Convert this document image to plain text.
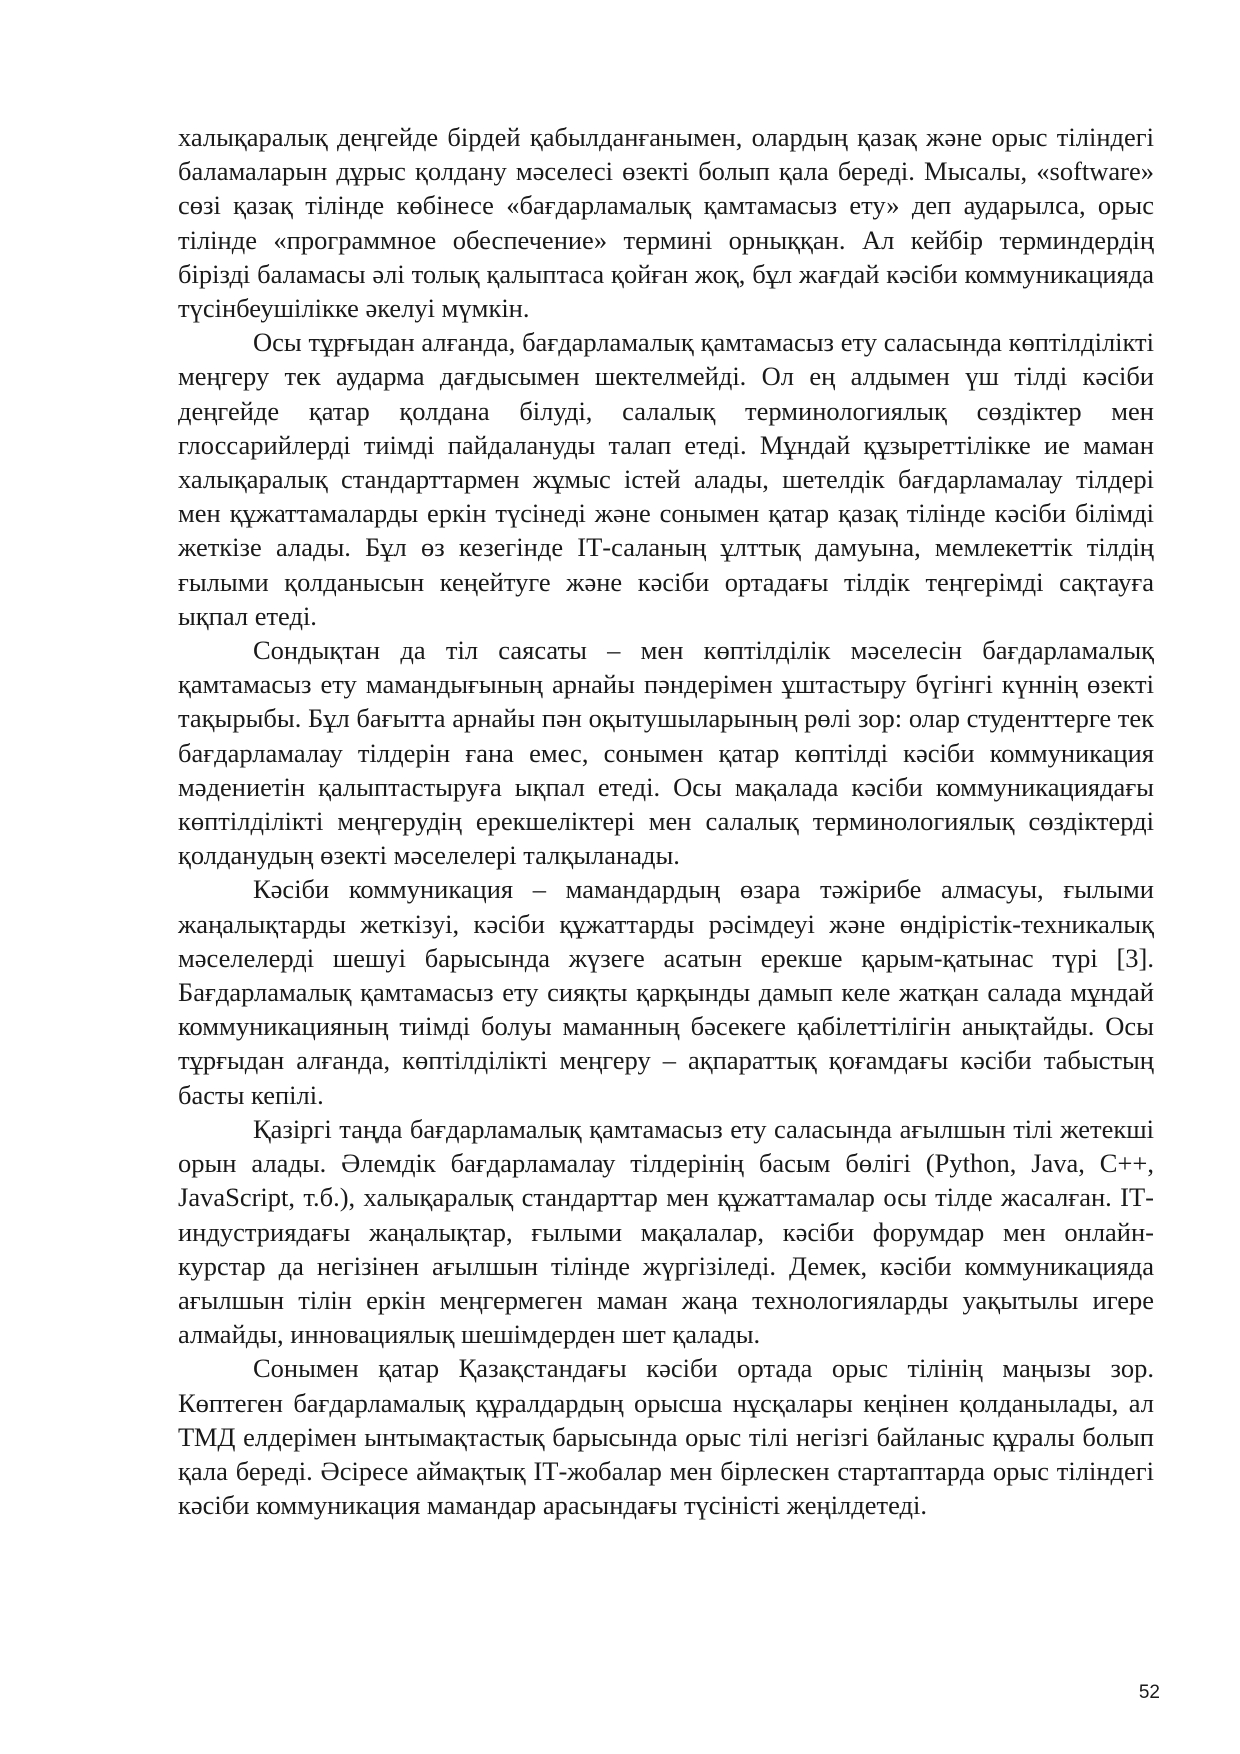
халықаралық деңгейде бірдей қабылданғанымен, олардың қазақ және орыс тіліндегі баламаларын дұрыс қолдану мәселесі өзекті болып қала береді. Мысалы, «software» сөзі қазақ тілінде көбінесе «бағдарламалық қамтамасыз ету» деп аударылса, орыс тілінде «программное обеспечение» термині орныққан. Ал кейбір терминдердің бірізді баламасы әлі толық қалыптаса қойған жоқ, бұл жағдай кәсіби коммуникацияда түсінбеушілікке әкелуі мүмкін.

Осы тұрғыдан алғанда, бағдарламалық қамтамасыз ету саласында көптілділікті меңгеру тек аударма дағдысымен шектелмейді. Ол ең алдымен үш тілді кәсіби деңгейде қатар қолдана білуді, салалық терминологиялық сөздіктер мен глоссарийлерді тиімді пайдалануды талап етеді. Мұндай құзыреттілікке ие маман халықаралық стандарттармен жұмыс істей алады, шетелдік бағдарламалау тілдері мен құжаттамаларды еркін түсінеді және сонымен қатар қазақ тілінде кәсіби білімді жеткізе алады. Бұл өз кезегінде ІТ-саланың ұлттық дамуына, мемлекеттік тілдің ғылыми қолданысын кеңейтуге және кәсіби ортадағы тілдік теңгерімді сақтауға ықпал етеді.

Сондықтан да тіл саясаты – мен көптілділік мәселесін бағдарламалық қамтамасыз ету мамандығының арнайы пәндерімен ұштастыру бүгінгі күннің өзекті тақырыбы. Бұл бағытта арнайы пән оқытушыларының рөлі зор: олар студенттерге тек бағдарламалау тілдерін ғана емес, сонымен қатар көптілді кәсіби коммуникация мәдениетін қалыптастыруға ықпал етеді. Осы мақалада кәсіби коммуникациядағы көптілділікті меңгерудің ерекшеліктері мен салалық терминологиялық сөздіктерді қолданудың өзекті мәселелері талқыланады.

Кәсіби коммуникация – мамандардың өзара тәжірибе алмасуы, ғылыми жаңалықтарды жеткізуі, кәсіби құжаттарды рәсімдеуі және өндірістік-техникалық мәселелерді шешуі барысында жүзеге асатын ерекше қарым-қатынас түрі [3]. Бағдарламалық қамтамасыз ету сияқты қарқынды дамып келе жатқан салада мұндай коммуникацияның тиімді болуы маманның бәсекеге қабілеттілігін анықтайды. Осы тұрғыдан алғанда, көптілділікті меңгеру – ақпараттық қоғамдағы кәсіби табыстың басты кепілі.

Қазіргі таңда бағдарламалық қамтамасыз ету саласында ағылшын тілі жетекші орын алады. Әлемдік бағдарламалау тілдерінің басым бөлігі (Python, Java, C++, JavaScript, т.б.), халықаралық стандарттар мен құжаттамалар осы тілде жасалған. ІТ-индустриядағы жаңалықтар, ғылыми мақалалар, кәсіби форумдар мен онлайн-курстар да негізінен ағылшын тілінде жүргізіледі. Демек, кәсіби коммуникацияда ағылшын тілін еркін меңгермеген маман жаңа технологияларды уақытылы игере алмайды, инновациялық шешімдерден шет қалады.

Сонымен қатар Қазақстандағы кәсіби ортада орыс тілінің маңызы зор. Көптеген бағдарламалық құралдардың орысша нұсқалары кеңінен қолданылады, ал ТМД елдерімен ынтымақтастық барысында орыс тілі негізгі байланыс құралы болып қала береді. Әсіресе аймақтық ІТ-жобалар мен бірлескен стартаптарда орыс тіліндегі кәсіби коммуникация мамандар арасындағы түсіністі жеңілдетеді.

52
